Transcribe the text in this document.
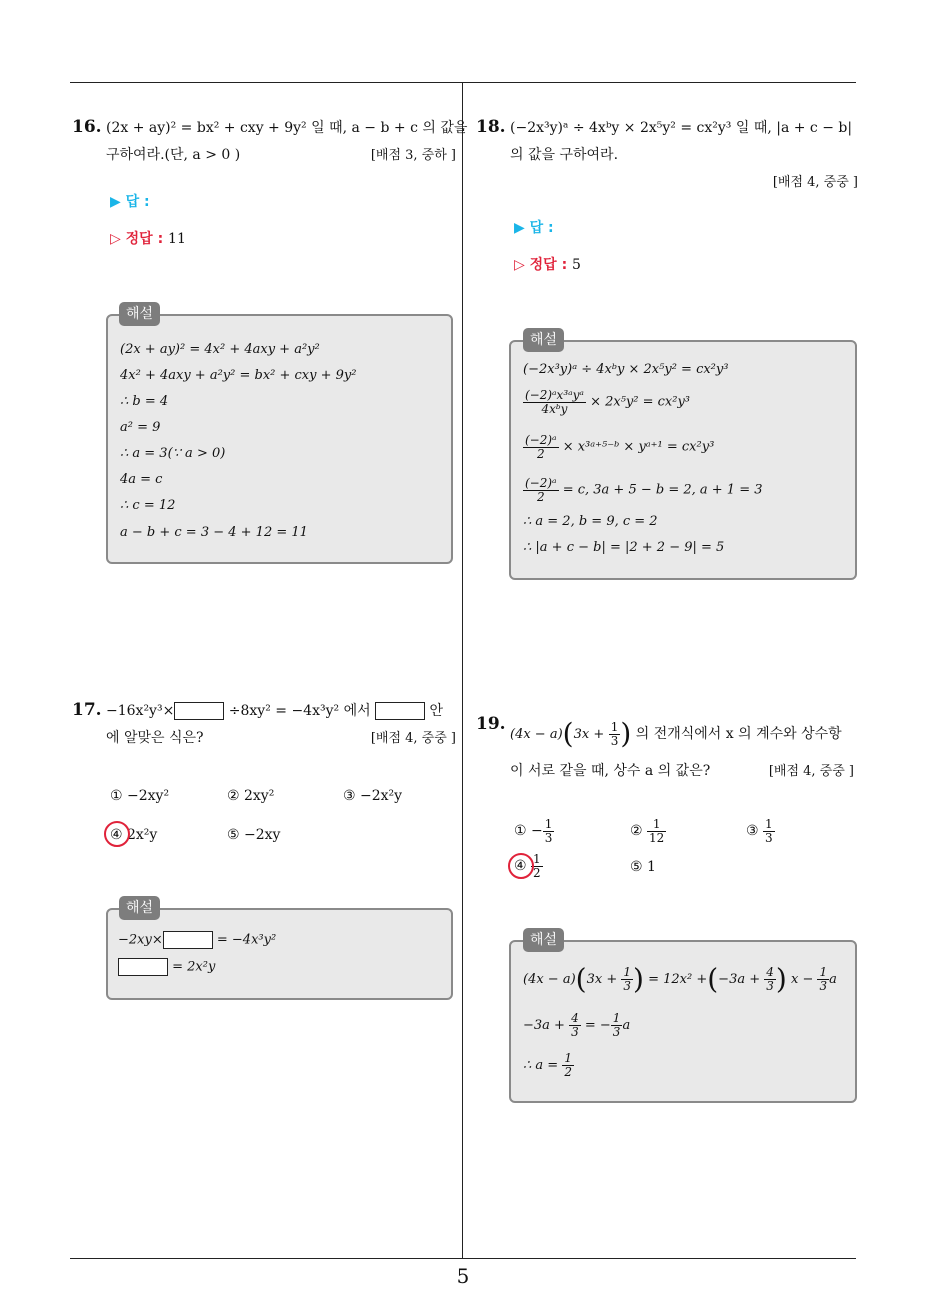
16. (2x + ay)² = bx² + cxy + 9y² 일 때, a − b + c 의 값을
구하여라.(단, a > 0 )	[배점 3, 중하 ]
▶ 답 :
▷ 정답 : 11
해설
(2x + ay)² = 4x² + 4axy + a²y²
4x² + 4axy + a²y² = bx² + cxy + 9y²
∴ b = 4
a² = 9
∴ a = 3(∵ a > 0)
4a = c
∴ c = 12
a − b + c = 3 − 4 + 12 = 11
17. −16x²y³×	÷8xy² = −4x³y² 에서	안
에 알맞은 식은?	[배점 4, 중중 ]
① −2xy²	② 2xy²	③ −2x²y
④ 2x²y	⑤ −2xy
해설
−2xy×	= −4x³y²
= 2x²y
18. (−2x³y)ᵃ ÷ 4xᵇy × 2x⁵y² = cx²y³ 일 때, |a + c − b|
의 값을 구하여라.
[배점 4, 중중 ]
▶ 답 :
▷ 정답 : 5
해설
(−2x³y)ᵃ ÷ 4xᵇy × 2x⁵y² = cx²y³
$\frac{\text{(−2)ᵃx³ᵃyᵃ}}{\text{4xᵇy}} \times 2x^5y^2 = cx^2y^3$
$\frac{\text{(−2)ᵃ}}{2}$ × x³ᵃ⁺⁵⁻ᵇ × yᵃ⁺¹ = cx²y³
$\frac{\text{(−2)ᵃ}}{2} = c$, 3a + 5 − b = 2, a + 1 = 3
∴ a = 2, b = 9, c = 2
∴ |a + c − b| = |2 + 2 − 9| = 5
19.
$(4x - a)(3x + \frac{1}{3}$ ) 의 전개식에서 x 의 계수와 상수항
이 서로 같을 때, 상수 a 의 값은?	[배점 4, 중중 ]
① − $\frac{1}{3}$	② $\frac{1}{12}$	③ $\frac{1}{3}$
④ $\frac{1}{2}$	⑤ 1
해설
$(4x - a)(3x + \frac{1}{3}$ ) = $12x^2 +(-3a + \frac{4}{3}$ ) $x - \frac{1}{3}$ a
$-3a + \frac{4}{3}$ = − $\frac{1}{3}$ a
∴ $a = \frac{1}{2}$
5
